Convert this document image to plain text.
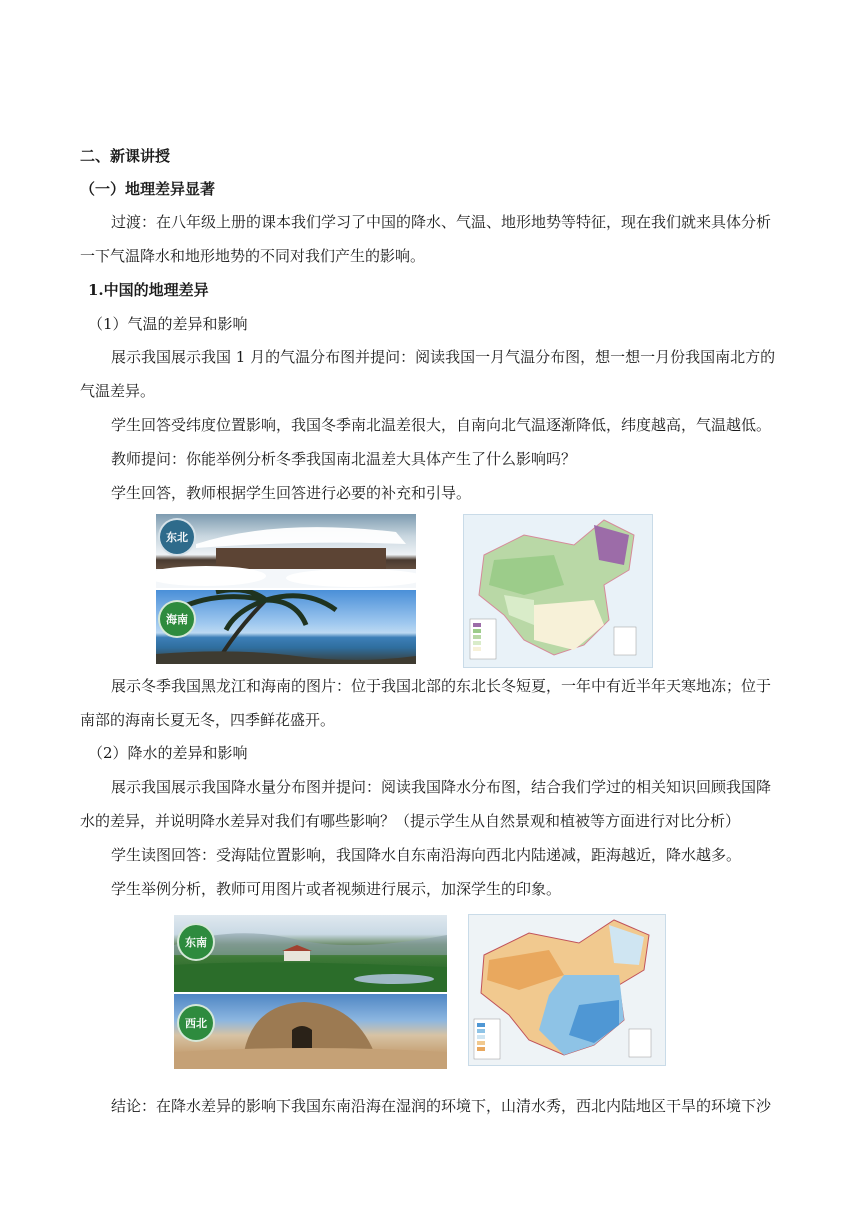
二、新课讲授
（一）地理差异显著
过渡：在八年级上册的课本我们学习了中国的降水、气温、地形地势等特征，现在我们就来具体分析
一下气温降水和地形地势的不同对我们产生的影响。
1.中国的地理差异
（1）气温的差异和影响
展示我国展示我国 1 月的气温分布图并提问：阅读我国一月气温分布图，想一想一月份我国南北方的
气温差异。
学生回答受纬度位置影响，我国冬季南北温差很大，自南向北气温逐渐降低，纬度越高，气温越低。
教师提问：你能举例分析冬季我国南北温差大具体产生了什么影响吗？
学生回答，教师根据学生回答进行必要的补充和引导。
东北
海南
展示冬季我国黑龙江和海南的图片：位于我国北部的东北长冬短夏，一年中有近半年天寒地冻；位于
南部的海南长夏无冬，四季鲜花盛开。
（2）降水的差异和影响
展示我国展示我国降水量分布图并提问：阅读我国降水分布图，结合我们学过的相关知识回顾我国降
水的差异，并说明降水差异对我们有哪些影响？（提示学生从自然景观和植被等方面进行对比分析）
学生读图回答：受海陆位置影响，我国降水自东南沿海向西北内陆递减，距海越近，降水越多。
学生举例分析，教师可用图片或者视频进行展示，加深学生的印象。
东南
西北
结论：在降水差异的影响下我国东南沿海在湿润的环境下，山清水秀，西北内陆地区干旱的环境下沙
